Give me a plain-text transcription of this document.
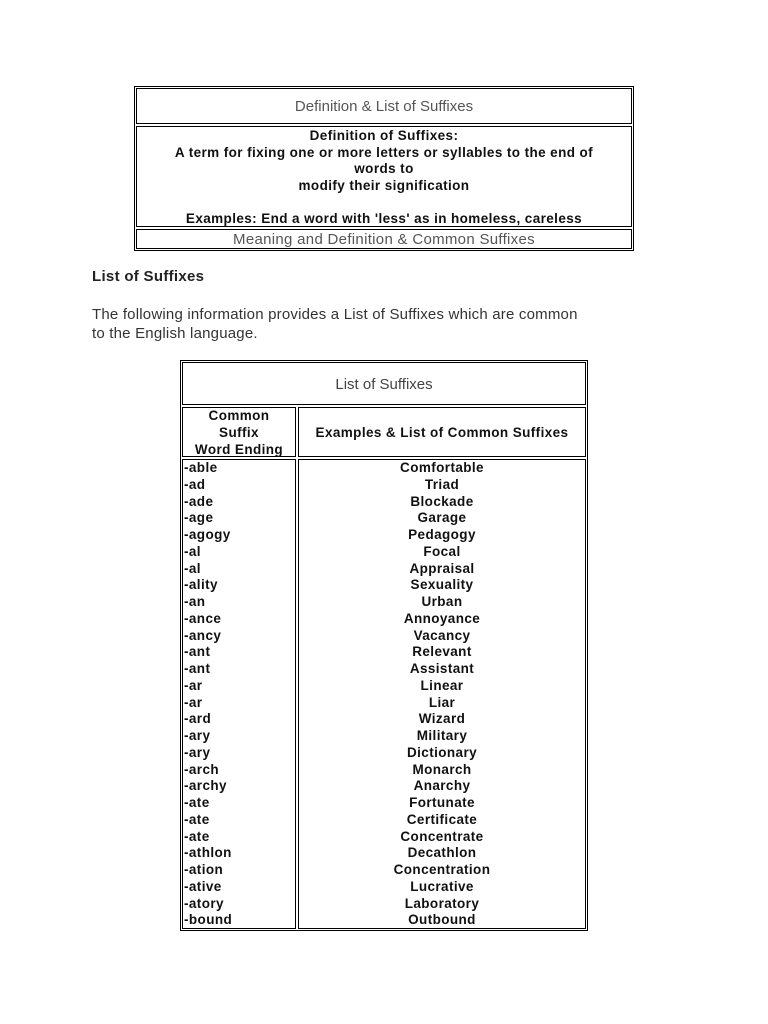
Definition & List of Suffixes
Definition of Suffixes:
A term for fixing one or more letters or syllables to the end of
words to
modify their signification
Examples: End a word with 'less' as in homeless, careless
Meaning and Definition & Common Suffixes
List of Suffixes
The following information provides a List of Suffixes which are common
to the English language.
List of Suffixes
Common
Suffix
Word Ending
Examples & List of Common Suffixes
-able
-ad
-ade
-age
-agogy
-al
-al
-ality
-an
-ance
-ancy
-ant
-ant
-ar
-ar
-ard
-ary
-ary
-arch
-archy
-ate
-ate
-ate
-athlon
-ation
-ative
-atory
-bound
Comfortable
Triad
Blockade
Garage
Pedagogy
Focal
Appraisal
Sexuality
Urban
Annoyance
Vacancy
Relevant
Assistant
Linear
Liar
Wizard
Military
Dictionary
Monarch
Anarchy
Fortunate
Certificate
Concentrate
Decathlon
Concentration
Lucrative
Laboratory
Outbound
